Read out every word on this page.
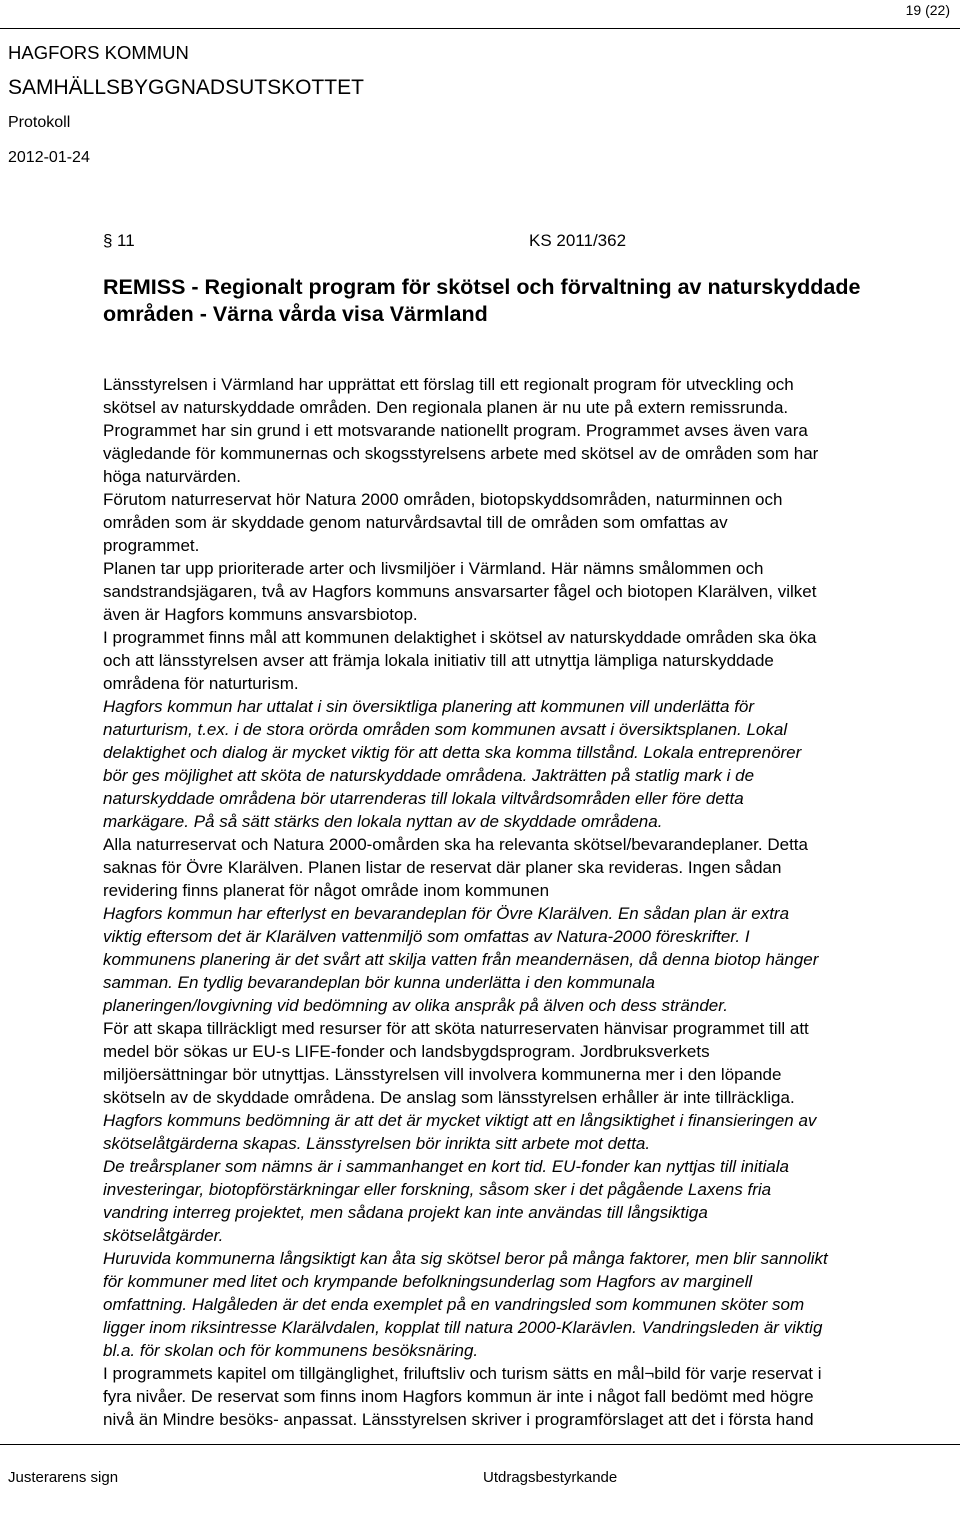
19 (22)
HAGFORS KOMMUN
SAMHÄLLSBYGGNADSUTSKOTTET
Protokoll
2012-01-24
§ 11	KS 2011/362
REMISS - Regionalt program för skötsel och förvaltning av naturskyddade
områden - Värna vårda visa Värmland
Länsstyrelsen i Värmland har upprättat ett förslag till ett regionalt program för utveckling och
skötsel av naturskyddade områden. Den regionala planen är nu ute på extern remissrunda.
Programmet har sin grund i ett motsvarande nationellt program. Programmet avses även vara
vägledande för kommunernas och skogsstyrelsens arbete med skötsel av de områden som har
höga naturvärden.
Förutom naturreservat hör Natura 2000 områden, biotopskyddsområden, naturminnen och
områden som är skyddade genom naturvårdsavtal till de områden som omfattas av
programmet.
Planen tar upp prioriterade arter och livsmiljöer i Värmland. Här nämns smålommen och
sandstrandsjägaren, två av Hagfors kommuns ansvarsarter fågel och biotopen Klarälven, vilket
även är Hagfors kommuns ansvarsbiotop.
I programmet finns mål att kommunen delaktighet i skötsel av naturskyddade områden ska öka
och att länsstyrelsen avser att främja lokala initiativ till att utnyttja lämpliga naturskyddade
områdena för naturturism.
Hagfors kommun har uttalat i sin översiktliga planering att kommunen vill underlätta för
naturturism, t.ex. i de stora orörda områden som kommunen avsatt i översiktsplanen. Lokal
delaktighet och dialog är mycket viktig för att detta ska komma tillstånd. Lokala entreprenörer
bör ges möjlighet att sköta de naturskyddade områdena. Jakträtten på statlig mark i de
naturskyddade områdena bör utarrenderas till lokala viltvårdsområden eller före detta
markägare. På så sätt stärks den lokala nyttan av de skyddade områdena.
Alla naturreservat och Natura 2000-omården ska ha relevanta skötsel/bevarandeplaner. Detta
saknas för Övre Klarälven. Planen listar de reservat där planer ska revideras. Ingen sådan
revidering finns planerat för något område inom kommunen
Hagfors kommun har efterlyst en bevarandeplan för Övre Klarälven. En sådan plan är extra
viktig eftersom det är Klarälven vattenmiljö som omfattas av Natura-2000 föreskrifter. I
kommunens planering är det svårt att skilja vatten från meandernäsen, då denna biotop hänger
samman. En tydlig bevarandeplan bör kunna underlätta i den kommunala
planeringen/lovgivning vid bedömning av olika anspråk på älven och dess stränder.
För att skapa tillräckligt med resurser för att sköta naturreservaten hänvisar programmet till att
medel bör sökas ur EU-s LIFE-fonder och landsbygdsprogram. Jordbruksverkets
miljöersättningar bör utnyttjas. Länsstyrelsen vill involvera kommunerna mer i den löpande
skötseln av de skyddade områdena. De anslag som länsstyrelsen erhåller är inte tillräckliga.
Hagfors kommuns bedömning är att det är mycket viktigt att en långsiktighet i finansieringen av
skötselåtgärderna skapas. Länsstyrelsen bör inrikta sitt arbete mot detta.
De treårsplaner som nämns är i sammanhanget en kort tid. EU-fonder kan nyttjas till initiala
investeringar, biotopförstärkningar eller forskning, såsom sker i det pågående Laxens fria
vandring interreg projektet, men sådana projekt kan inte användas till långsiktiga
skötselåtgärder.
Huruvida kommunerna långsiktigt kan åta sig skötsel beror på många faktorer, men blir sannolikt
för kommuner med litet och krympande befolkningsunderlag som Hagfors av marginell
omfattning. Halgåleden är det enda exemplet på en vandringsled som kommunen sköter som
ligger inom riksintresse Klarälvdalen, kopplat till natura 2000-Klarävlen. Vandringsleden är viktig
bl.a. för skolan och för kommunens besöksnäring.
I programmets kapitel om tillgänglighet, friluftsliv och turism sätts en mål¬bild för varje reservat i
fyra nivåer. De reservat som finns inom Hagfors kommun är inte i något fall bedömt med högre
nivå än Mindre besöks- anpassat. Länsstyrelsen skriver i programförslaget att det i första hand
Justerarens sign	Utdragsbestyrkande
